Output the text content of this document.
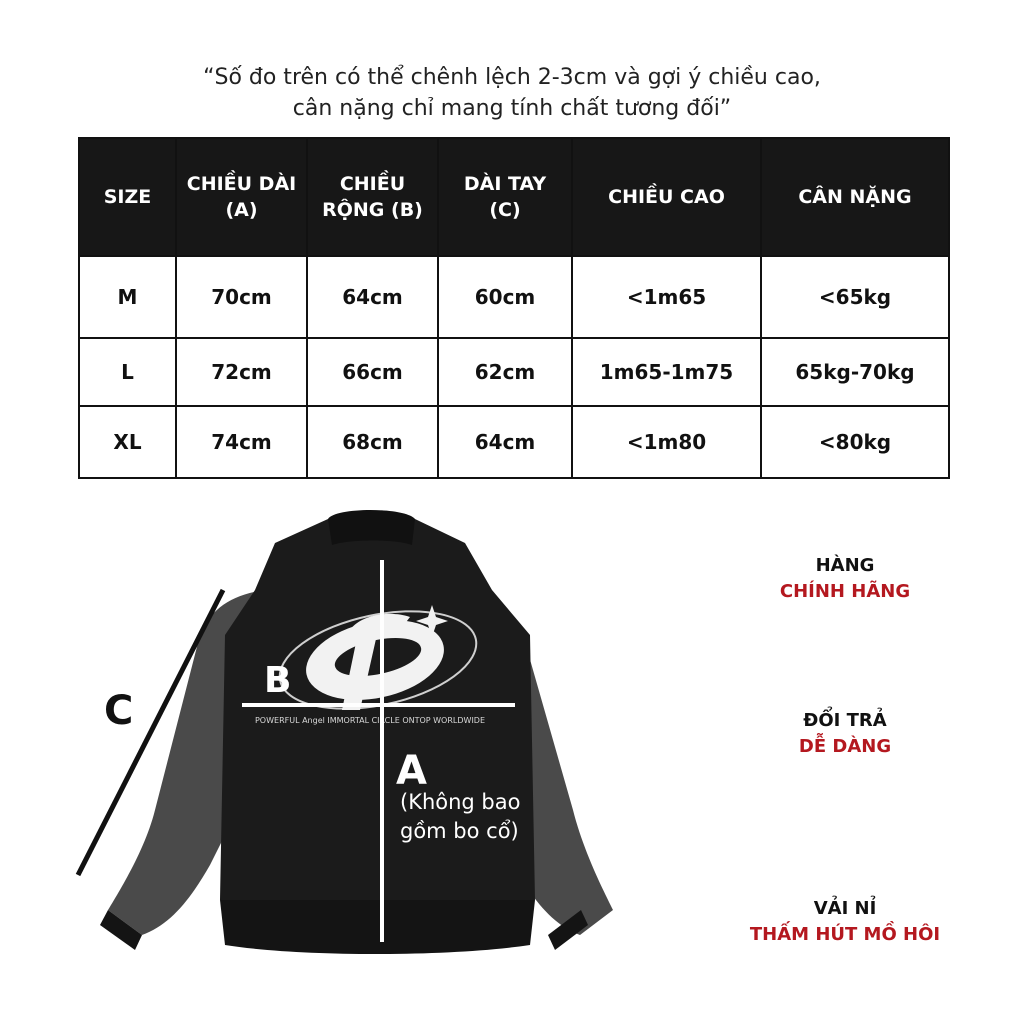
“Số đo trên có thể chênh lệch 2-3cm và gợi ý chiều cao,
cân nặng chỉ mang tính chất tương đối”
SIZE	CHIỀU DÀI (A)	CHIỀU RỘNG (B)	DÀI TAY (C)	CHIỀU CAO	CÂN NẶNG
M	70cm	64cm	60cm	<1m65	<65kg
L	72cm	66cm	62cm	1m65-1m75	65kg-70kg
XL	74cm	68cm	64cm	<1m80	<80kg
POWERFUL Angel IMMORTAL CIRCLE ONTOP WORLDWIDE
C
B
A
(Không bao gồm bo cổ)
HÀNG
CHÍNH HÃNG
ĐỔI TRẢ
DỄ DÀNG
VẢI NỈ
THẤM HÚT MỒ HÔI
